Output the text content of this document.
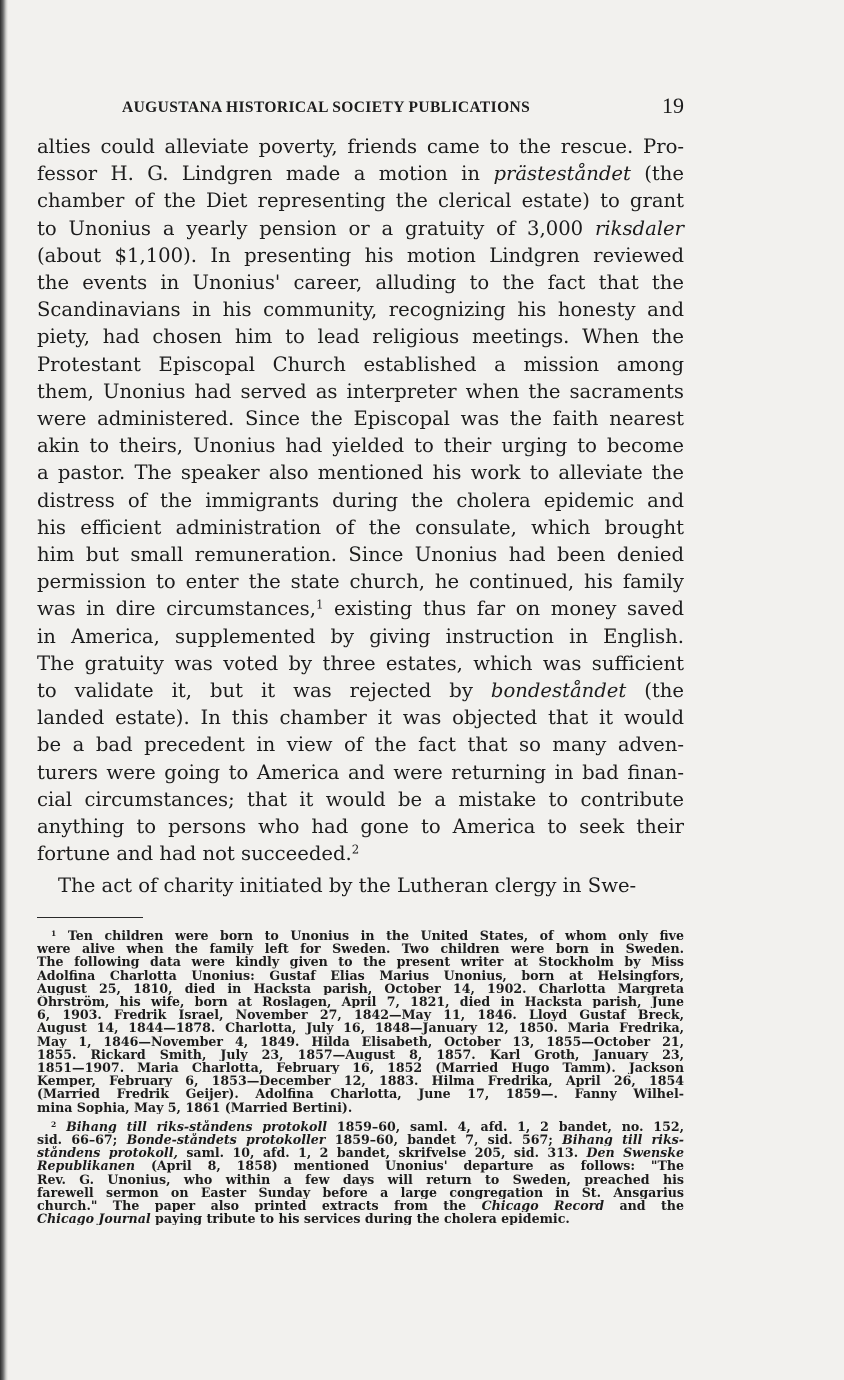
AUGUSTANA HISTORICAL SOCIETY PUBLICATIONS	19
alties could alleviate poverty, friends came to the rescue. Pro-
fessor H. G. Lindgren made a motion in prästeståndet (the
chamber of the Diet representing the clerical estate) to grant
to Unonius a yearly pension or a gratuity of 3,000 riksdaler
(about $1,100). In presenting his motion Lindgren reviewed
the events in Unonius' career, alluding to the fact that the
Scandinavians in his community, recognizing his honesty and
piety, had chosen him to lead religious meetings. When the
Protestant Episcopal Church established a mission among
them, Unonius had served as interpreter when the sacraments
were administered. Since the Episcopal was the faith nearest
akin to theirs, Unonius had yielded to their urging to become
a pastor. The speaker also mentioned his work to alleviate the
distress of the immigrants during the cholera epidemic and
his efficient administration of the consulate, which brought
him but small remuneration. Since Unonius had been denied
permission to enter the state church, he continued, his family
was in dire circumstances,$^1$ existing thus far on money saved
in America, supplemented by giving instruction in English.
The gratuity was voted by three estates, which was sufficient
to validate it, but it was rejected by bondeståndet (the
landed estate). In this chamber it was objected that it would
be a bad precedent in view of the fact that so many adven-
turers were going to America and were returning in bad finan-
cial circumstances; that it would be a mistake to contribute
anything to persons who had gone to America to seek their
fortune and had not succeeded.$^2$
The act of charity initiated by the Lutheran clergy in Swe-
$^1$ Ten children were born to Unonius in the United States, of whom only five
were alive when the family left for Sweden. Two children were born in Sweden.
The following data were kindly given to the present writer at Stockholm by Miss
Adolfina Charlotta Unonius: Gustaf Elias Marius Unonius, born at Helsingfors,
August 25, 1810, died in Hacksta parish, October 14, 1902. Charlotta Margreta
Öhrström, his wife, born at Roslagen, April 7, 1821, died in Hacksta parish, June
6, 1903. Fredrik Israel, November 27, 1842—May 11, 1846. Lloyd Gustaf Breck,
August 14, 1844—1878. Charlotta, July 16, 1848—January 12, 1850. Maria Fredrika,
May 1, 1846—November 4, 1849. Hilda Elisabeth, October 13, 1855—October 21,
1855. Rickard Smith, July 23, 1857—August 8, 1857. Karl Groth, January 23,
1851—1907. Maria Charlotta, February 16, 1852 (Married Hugo Tamm). Jackson
Kemper, February 6, 1853—December 12, 1883. Hilma Fredrika, April 26, 1854
(Married Fredrik Geijer). Adolfina Charlotta, June 17, 1859—. Fanny Wilhel-
mina Sophia, May 5, 1861 (Married Bertini).
$^2$ Bihang till riks-ståndens protokoll 1859–60, saml. 4, afd. 1, 2 bandet, no. 152,
sid. 66–67; Bonde-ståndets protokoller 1859–60, bandet 7, sid. 567; Bihang till riks-
ståndens protokoll, saml. 10, afd. 1, 2 bandet, skrifvelse 205, sid. 313. Den Swenske
Republikanen (April 8, 1858) mentioned Unonius' departure as follows: "The
Rev. G. Unonius, who within a few days will return to Sweden, preached his
farewell sermon on Easter Sunday before a large congregation in St. Ansgarius
church." The paper also printed extracts from the Chicago Record and the
Chicago Journal paying tribute to his services during the cholera epidemic.
